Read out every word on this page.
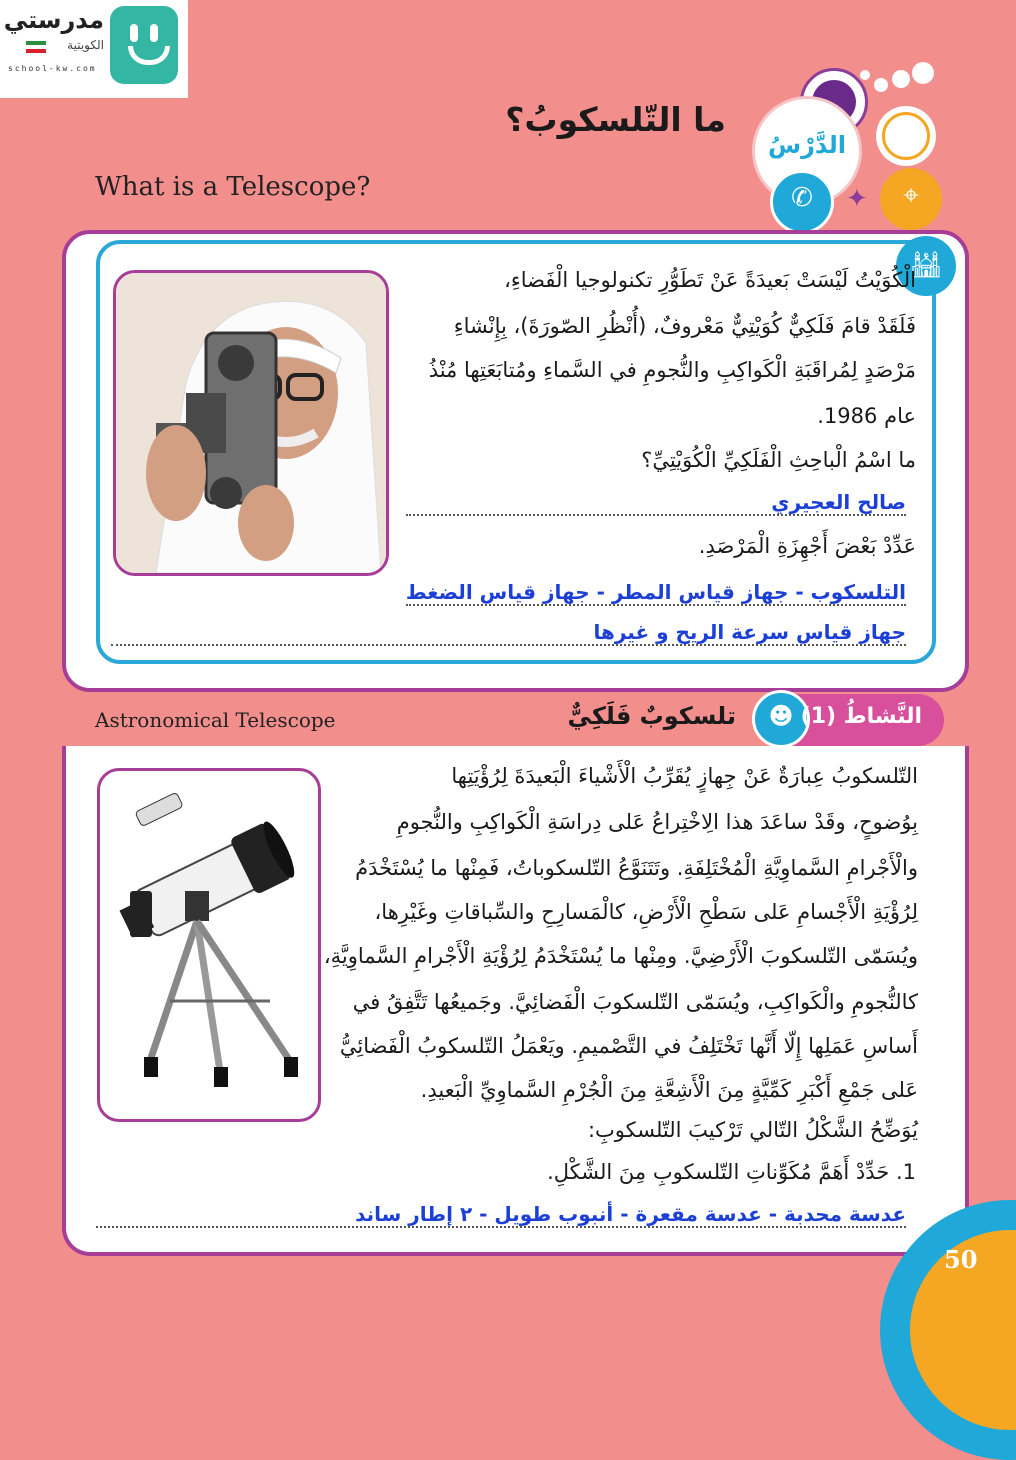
مدرستي
الكويتية
school-kw.com
الدَّرْسُ
✆	✦	⌖
ما التّلسكوبُ؟
What is a Telescope?
🕌︎
الْكُوَيْتُ لَيْسَتْ بَعيدَةً عَنْ تَطَوُّرِ تكنولوجيا الْفَضاءِ،
فَلَقَدْ قامَ فَلَكِيٌّ كُوَيْتِيٌّ مَعْروفٌ، (أُنْظُرِ الصّورَةَ)، بِإِنْشاءِ
مَرْصَدٍ لِمُراقَبَةِ الْكَواكِبِ والنُّجومِ في السَّماءِ ومُتابَعَتِها مُنْذُ
عام 1986.
ما اسْمُ الْباحِثِ الْفَلَكِيِّ الْكُوَيْتِيِّ؟
صالح العجيري
عَدِّدْ بَعْضَ أَجْهِزَةِ الْمَرْصَدِ.
التلسكوب - جهاز قياس المطر - جهاز قياس الضغط
جهاز قياس سرعة الريح و غيرها
Astronomical Telescope	تلسكوبٌ فَلَكِيٌّ	☻ النَّشاطُ (1)
التّلسكوبُ عِبارَةٌ عَنْ جِهازٍ يُقَرِّبُ الْأَشْياءَ الْبَعيدَةَ لِرُؤْيَتِها
بِوُضوحٍ، وقَدْ ساعَدَ هذا الِاخْتِراعُ عَلى دِراسَةِ الْكَواكِبِ والنُّجومِ
والْأَجْرامِ السَّماوِيَّةِ الْمُخْتَلِفَةِ. وتَتَنَوَّعُ التّلسكوباتُ، فَمِنْها ما يُسْتَخْدَمُ
لِرُؤْيَةِ الْأَجْسامِ عَلى سَطْحِ الْأَرْضِ، كالْمَسارِحِ والسِّباقاتِ وغَيْرِها،
ويُسَمّى التّلسكوبَ الْأَرْضِيَّ. ومِنْها ما يُسْتَخْدَمُ لِرُؤْيَةِ الْأَجْرامِ السَّماوِيَّةِ،
كالنُّجومِ والْكَواكِبِ، ويُسَمّى التّلسكوبَ الْفَضائِيَّ. وجَميعُها تَتَّفِقُ في
أَساسِ عَمَلِها إِلّا أَنَّها تَخْتَلِفُ في التَّصْميمِ. ويَعْمَلُ التّلسكوبُ الْفَضائِيُّ
عَلى جَمْعِ أَكْبَرِ كَمِّيَّةٍ مِنَ الْأَشِعَّةِ مِنَ الْجُرْمِ السَّماوِيِّ الْبَعيدِ.
يُوَضِّحُ الشَّكْلُ التّالي تَرْكيبَ التّلسكوبِ:
1. حَدِّدْ أَهَمَّ مُكَوِّناتِ التّلسكوبِ مِنَ الشَّكْلِ.
عدسة محدبة - عدسة مقعرة - أنبوب طويل - ٢ إطار ساند
50
